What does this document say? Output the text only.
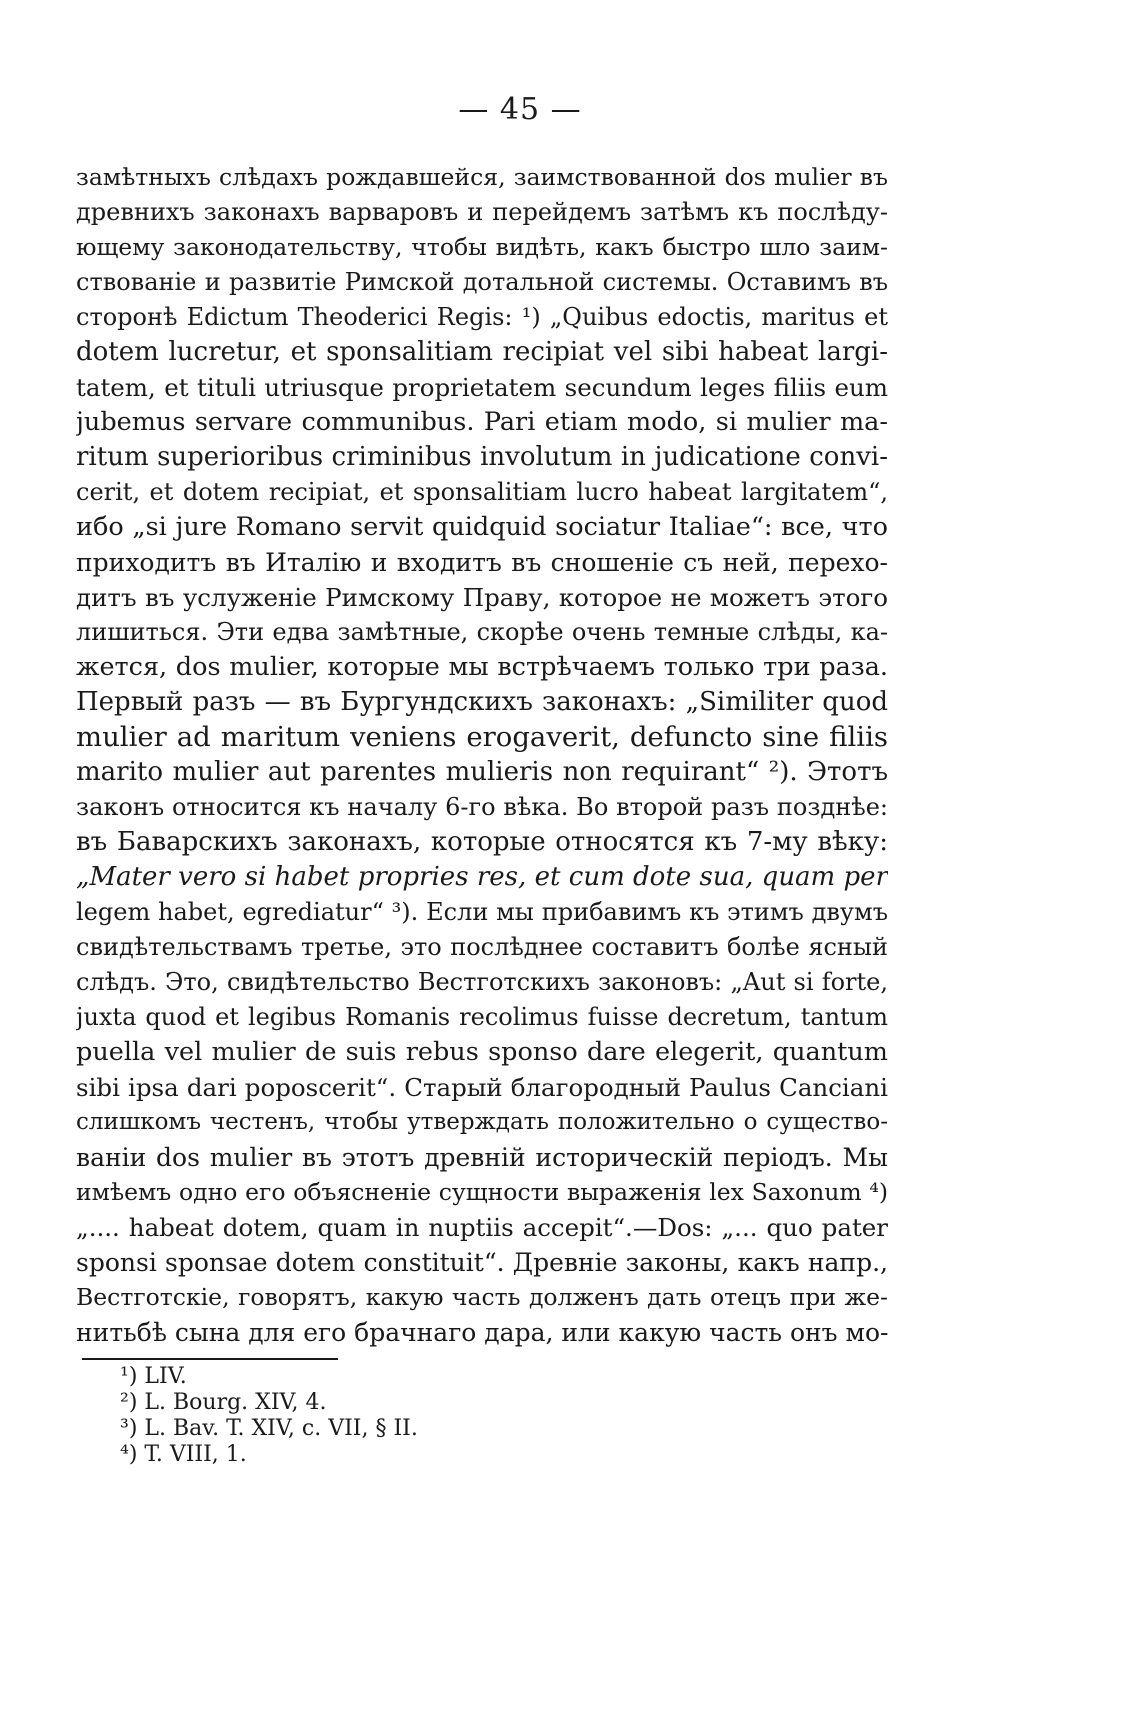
— 45 —
замѣтныхъ слѣдахъ рождавшейся, заимствованной dos mulier въ
древнихъ законахъ варваровъ и перейдемъ затѣмъ къ послѣду-
ющему законодательству, чтобы видѣть, какъ быстро шло заим-
ствованіе и развитіе Римской дотальной системы. Оставимъ въ
сторонѣ Edictum Theoderici Regis: ¹) „Quibus edoctis, maritus et
dotem lucretur, et sponsalitiam recipiat vel sibi habeat largi-
tatem, et tituli utriusque proprietatem secundum leges filiis eum
jubemus servare communibus. Pari etiam modo, si mulier ma-
ritum superioribus criminibus involutum in judicatione convi-
cerit, et dotem recipiat, et sponsalitiam lucro habeat largitatem“,
ибо „si jure Romano servit quidquid sociatur Italiae“: все, что
приходитъ въ Италію и входитъ въ сношеніе съ ней, перехо-
дитъ въ услуженіе Римскому Праву, которое не можетъ этого
лишиться. Эти едва замѣтные, скорѣе очень темные слѣды, ка-
жется, dos mulier, которые мы встрѣчаемъ только три раза.
Первый разъ — въ Бургундскихъ законахъ: „Similiter quod
mulier ad maritum veniens erogaverit, defuncto sine filiis
marito mulier aut parentes mulieris non requirant“ ²). Этотъ
законъ относится къ началу 6-го вѣка. Во второй разъ позднѣе:
въ Баварскихъ законахъ, которые относятся къ 7-му вѣку:
„Mater vero si habet propries res, et cum dote sua, quam per
legem habet, egrediatur“ ³). Если мы прибавимъ къ этимъ двумъ
свидѣтельствамъ третье, это послѣднее составитъ болѣе ясный
слѣдъ. Это, свидѣтельство Вестготскихъ законовъ: „Aut si forte,
juxta quod et legibus Romanis recolimus fuisse decretum, tantum
puella vel mulier de suis rebus sponso dare elegerit, quantum
sibi ipsa dari poposcerit“. Старый благородный Paulus Canciani
слишкомъ честенъ, чтобы утверждать положительно о существо-
ваніи dos mulier въ этотъ древній историческій періодъ. Мы
имѣемъ одно его объясненіе сущности выраженія lex Saxonum ⁴)
„.... habeat dotem, quam in nuptiis accepit“.—Dos: „... quo pater
sponsi sponsae dotem constituit“. Древніе законы, какъ напр.,
Вестготскіе, говорятъ, какую часть долженъ дать отецъ при же-
нитьбѣ сына для его брачнаго дара, или какую часть онъ мо-
¹) LIV.
²) L. Bourg. XIV, 4.
³) L. Bav. T. XIV, c. VII, § II.
⁴) T. VIII, 1.
